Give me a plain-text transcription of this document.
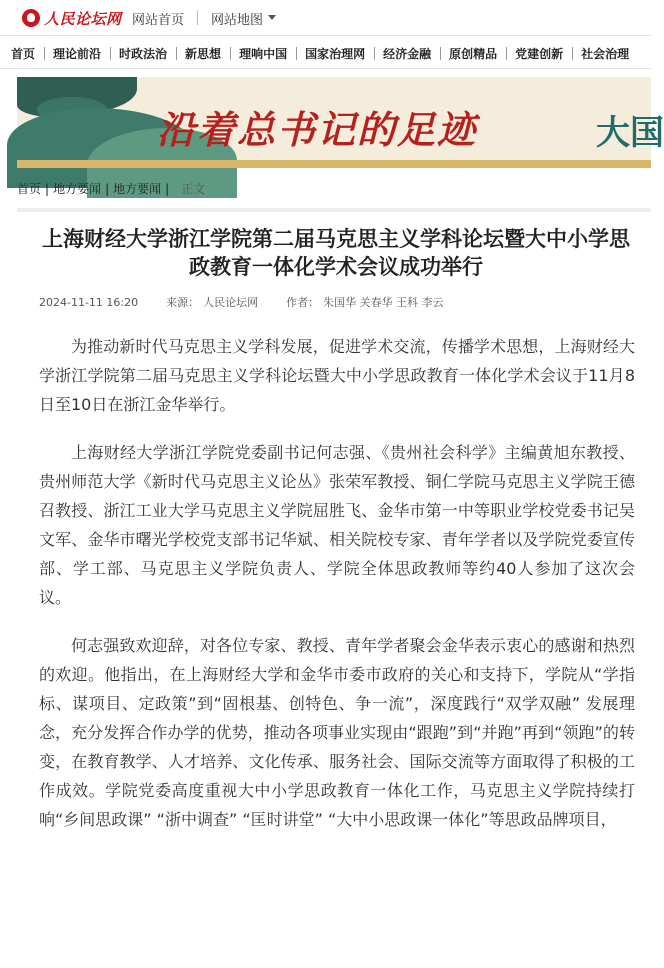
人民论坛网 网站首页 网站地图
首页 理论前沿 时政法治 新思想 理响中国 国家治理网 经济金融 原创精品 党建创新 社会治理
沿着总书记的足迹	大国
首页 | 地方要闻 | 地方要闻 | 正文
上海财经大学浙江学院第二届马克思主义学科论坛暨大中小学思政教育一体化学术会议成功举行
2024-11-11 16:20	来源： 人民论坛网	作者： 朱国华 关春华 王科 李云

为推动新时代马克思主义学科发展，促进学术交流，传播学术思想，上海财经大学浙江学院第二届马克思主义学科论坛暨大中小学思政教育一体化学术会议于11月8日至10日在浙江金华举行。

上海财经大学浙江学院党委副书记何志强、《贵州社会科学》主编黄旭东教授、贵州师范大学《新时代马克思主义论丛》张荣军教授、铜仁学院马克思主义学院王德召教授、浙江工业大学马克思主义学院屈胜飞、金华市第一中等职业学校党委书记吴文军、金华市曙光学校党支部书记华斌、相关院校专家、青年学者以及学院党委宣传部、学工部、马克思主义学院负责人、学院全体思政教师等约40人参加了这次会议。

何志强致欢迎辞，对各位专家、教授、青年学者聚会金华表示衷心的感谢和热烈的欢迎。他指出，在上海财经大学和金华市委市政府的关心和支持下，学院从“学指标、谋项目、定政策”到“固根基、创特色、争一流”，深度践行“双学双融” 发展理念，充分发挥合作办学的优势，推动各项事业实现由“跟跑”到“并跑”再到“领跑”的转变，在教育教学、人才培养、文化传承、服务社会、国际交流等方面取得了积极的工作成效。学院党委高度重视大中小学思政教育一体化工作，马克思主义学院持续打响“乡间思政课” “浙中调查” “匡时讲堂” “大中小思政课一体化”等思政品牌项目，
